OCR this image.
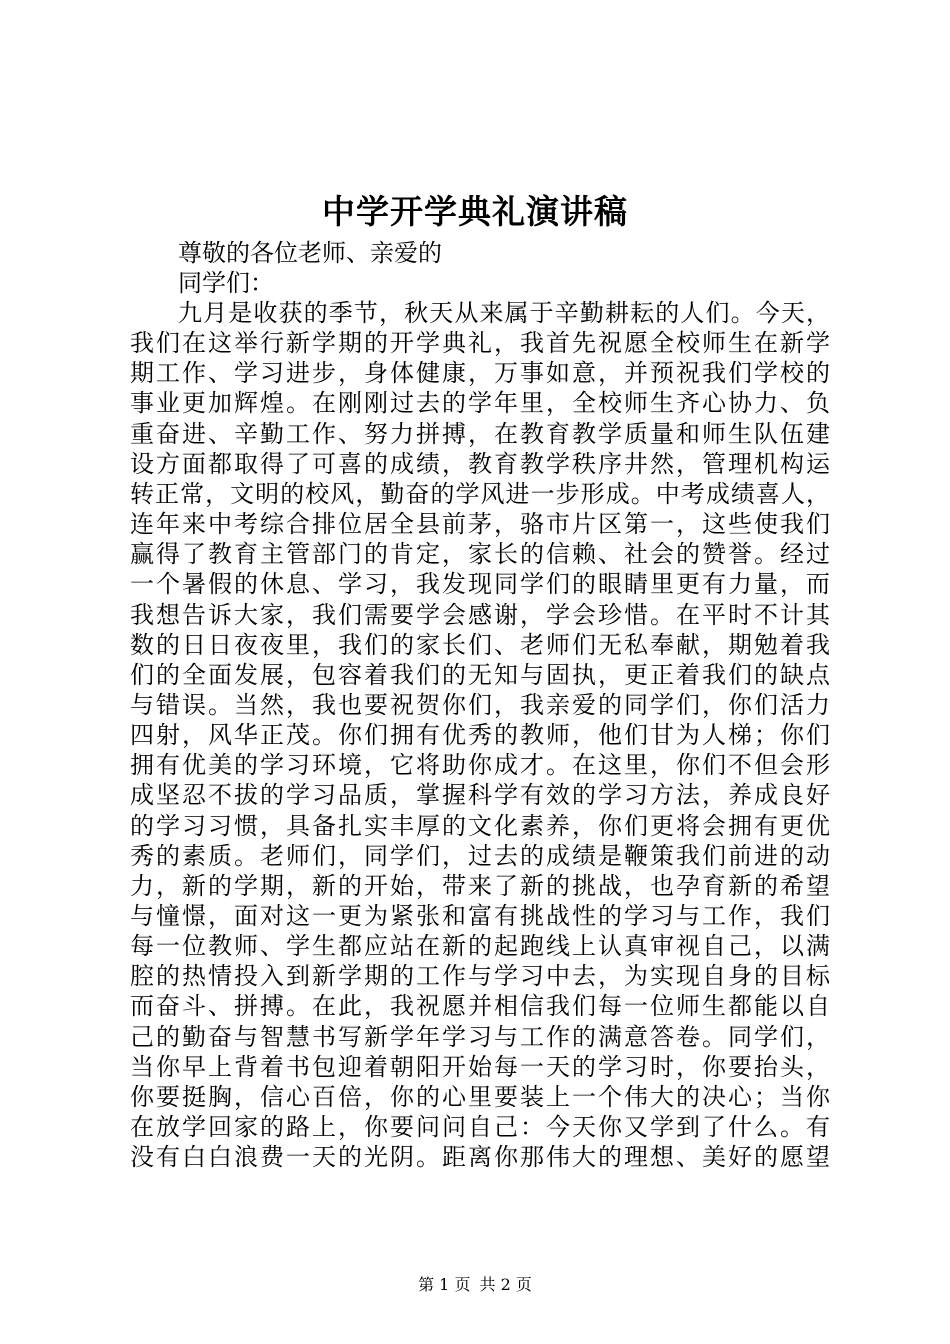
中学开学典礼演讲稿
尊敬的各位老师、亲爱的
同学们：
九月是收获的季节，秋天从来属于辛勤耕耘的人们。今天，
我们在这举行新学期的开学典礼，我首先祝愿全校师生在新学
期工作、学习进步，身体健康，万事如意，并预祝我们学校的
事业更加辉煌。在刚刚过去的学年里，全校师生齐心协力、负
重奋进、辛勤工作、努力拼搏，在教育教学质量和师生队伍建
设方面都取得了可喜的成绩，教育教学秩序井然，管理机构运
转正常，文明的校风，勤奋的学风进一步形成。中考成绩喜人，
连年来中考综合排位居全县前茅，骆市片区第一，这些使我们
赢得了教育主管部门的肯定，家长的信赖、社会的赞誉。经过
一个暑假的休息、学习，我发现同学们的眼睛里更有力量，而
我想告诉大家，我们需要学会感谢，学会珍惜。在平时不计其
数的日日夜夜里，我们的家长们、老师们无私奉献，期勉着我
们的全面发展，包容着我们的无知与固执，更正着我们的缺点
与错误。当然，我也要祝贺你们，我亲爱的同学们，你们活力
四射，风华正茂。你们拥有优秀的教师，他们甘为人梯；你们
拥有优美的学习环境，它将助你成才。在这里，你们不但会形
成坚忍不拔的学习品质，掌握科学有效的学习方法，养成良好
的学习习惯，具备扎实丰厚的文化素养，你们更将会拥有更优
秀的素质。老师们，同学们，过去的成绩是鞭策我们前进的动
力，新的学期，新的开始，带来了新的挑战，也孕育新的希望
与憧憬，面对这一更为紧张和富有挑战性的学习与工作，我们
每一位教师、学生都应站在新的起跑线上认真审视自己，以满
腔的热情投入到新学期的工作与学习中去，为实现自身的目标
而奋斗、拼搏。在此，我祝愿并相信我们每一位师生都能以自
己的勤奋与智慧书写新学年学习与工作的满意答卷。同学们，
当你早上背着书包迎着朝阳开始每一天的学习时，你要抬头，
你要挺胸，信心百倍，你的心里要装上一个伟大的决心；当你
在放学回家的路上，你要问问自己：今天你又学到了什么。有
没有白白浪费一天的光阴。距离你那伟大的理想、美好的愿望
第 1 页 共 2 页
